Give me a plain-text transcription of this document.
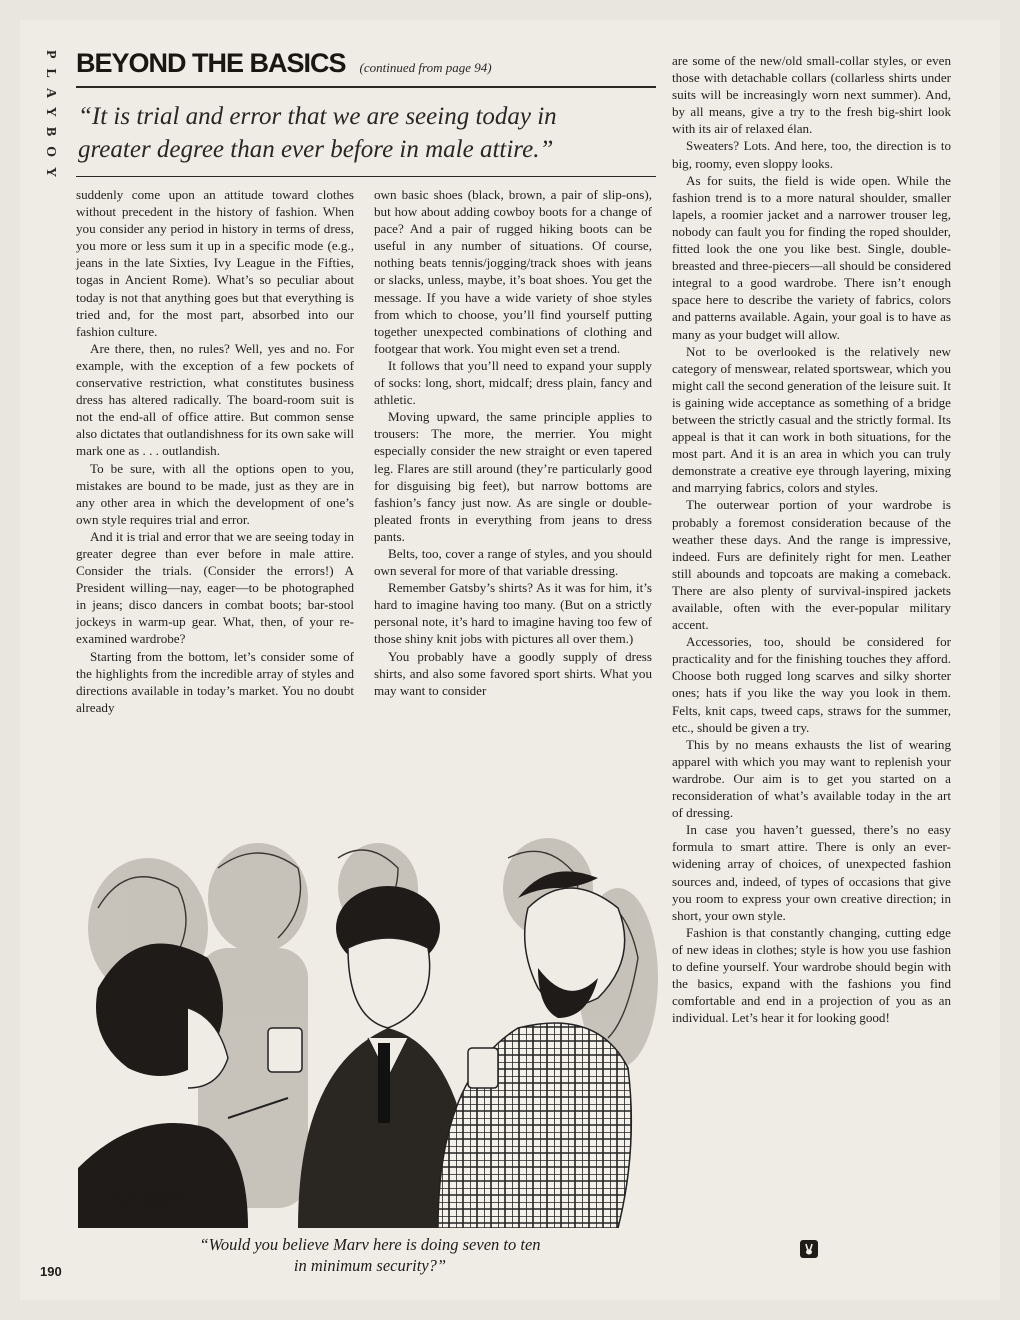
PLAYBOY BEYOND THE BASICS (continued from page 94)
“It is trial and error that we are seeing today in
greater degree than ever before in male attire.”

suddenly come upon an attitude toward clothes without precedent in the history of fashion. When you consider any period in history in terms of dress, you more or less sum it up in a specific mode (e.g., jeans in the late Sixties, Ivy League in the Fifties, togas in Ancient Rome). What’s so peculiar about today is not that anything goes but that everything is tried and, for the most part, absorbed into our fashion culture.

Are there, then, no rules? Well, yes and no. For example, with the exception of a few pockets of conservative restriction, what constitutes business dress has altered radically. The board-room suit is not the end-all of office attire. But common sense also dictates that outlandishness for its own sake will mark one as . . . outlandish.

To be sure, with all the options open to you, mistakes are bound to be made, just as they are in any other area in which the development of one’s own style requires trial and error.

And it is trial and error that we are seeing today in greater degree than ever before in male attire. Consider the trials. (Consider the errors!) A President willing—nay, eager—to be photographed in jeans; disco dancers in combat boots; bar-stool jockeys in warm-up gear. What, then, of your re-examined wardrobe?

Starting from the bottom, let’s consider some of the highlights from the incredible array of styles and directions available in today’s market. You no doubt already

own basic shoes (black, brown, a pair of slip-ons), but how about adding cowboy boots for a change of pace? And a pair of rugged hiking boots can be useful in any number of situations. Of course, nothing beats tennis/jogging/track shoes with jeans or slacks, unless, maybe, it’s boat shoes. You get the message. If you have a wide variety of shoe styles from which to choose, you’ll find yourself putting together unexpected combinations of clothing and footgear that work. You might even set a trend.

It follows that you’ll need to expand your supply of socks: long, short, midcalf; dress plain, fancy and athletic.

Moving upward, the same principle applies to trousers: The more, the merrier. You might especially consider the new straight or even tapered leg. Flares are still around (they’re particularly good for disguising big feet), but narrow bottoms are fashion’s fancy just now. As are single or double-pleated fronts in everything from jeans to dress pants.

Belts, too, cover a range of styles, and you should own several for more of that variable dressing.

Remember Gatsby’s shirts? As it was for him, it’s hard to imagine having too many. (But on a strictly personal note, it’s hard to imagine having too few of those shiny knit jobs with pictures all over them.)

You probably have a goodly supply of dress shirts, and also some favored sport shirts. What you may want to consider

are some of the new/old small-collar styles, or even those with detachable collars (collarless shirts under suits will be increasingly worn next summer). And, by all means, give a try to the fresh big-shirt look with its air of relaxed élan.

Sweaters? Lots. And here, too, the direction is to big, roomy, even sloppy looks.

As for suits, the field is wide open. While the fashion trend is to a more natural shoulder, smaller lapels, a roomier jacket and a narrower trouser leg, nobody can fault you for finding the roped shoulder, fitted look the one you like best. Single, double-breasted and three-piecers—all should be considered integral to a good wardrobe. There isn’t enough space here to describe the variety of fabrics, colors and patterns available. Again, your goal is to have as many as your budget will allow.

Not to be overlooked is the relatively new category of menswear, related sportswear, which you might call the second generation of the leisure suit. It is gaining wide acceptance as something of a bridge between the strictly casual and the strictly formal. Its appeal is that it can work in both situations, for the most part. And it is an area in which you can truly demonstrate a creative eye through layering, mixing and marrying fabrics, colors and styles.

The outerwear portion of your wardrobe is probably a foremost consideration because of the weather these days. And the range is impressive, indeed. Furs are definitely right for men. Leather still abounds and topcoats are making a comeback. There are also plenty of survival-inspired jackets available, often with the ever-popular military accent.

Accessories, too, should be considered for practicality and for the finishing touches they afford. Choose both rugged long scarves and silky shorter ones; hats if you like the way you look in them. Felts, knit caps, tweed caps, straws for the summer, etc., should be given a try.

This by no means exhausts the list of wearing apparel with which you may want to replenish your wardrobe. Our aim is to get you started on a reconsideration of what’s available today in the art of dressing.

In case you haven’t guessed, there’s no easy formula to smart attire. There is only an ever-widening array of choices, of unexpected fashion sources and, indeed, of types of occasions that give you room to express your own creative direction; in short, your own style.

Fashion is that constantly changing, cutting edge of new ideas in clothes; style is how you use fashion to define yourself. Your wardrobe should begin with the basics, expand with the fashions you find comfortable and end in a projection of you as an individual. Let’s hear it for looking good!

Erikson
“Would you believe Marv here is doing seven to ten
in minimum security?”
190
